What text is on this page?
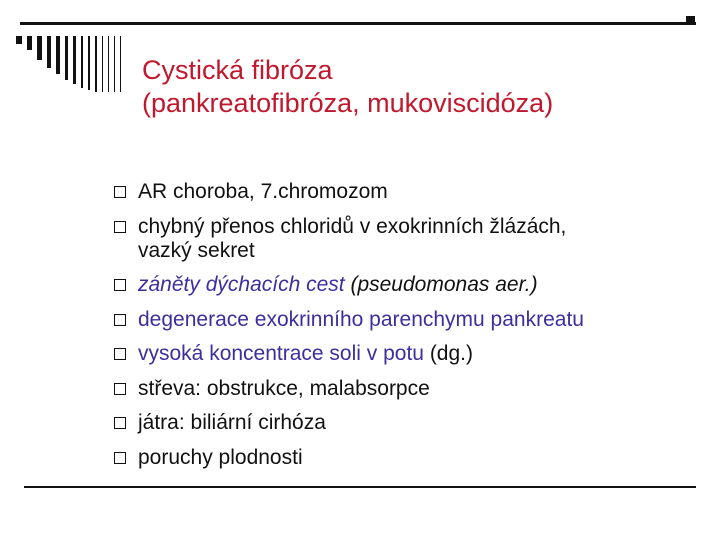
Cystická fibróza
(pankreatofibróza, mukoviscidóza)
AR choroba, 7.chromozom
chybný přenos chloridů v exokrinních žlázách,
vazký sekret
záněty dýchacích cest (pseudomonas aer.)
degenerace exokrinního parenchymu pankreatu
vysoká koncentrace soli v potu (dg.)
střeva: obstrukce, malabsorpce
játra: biliární cirhóza
poruchy plodnosti
